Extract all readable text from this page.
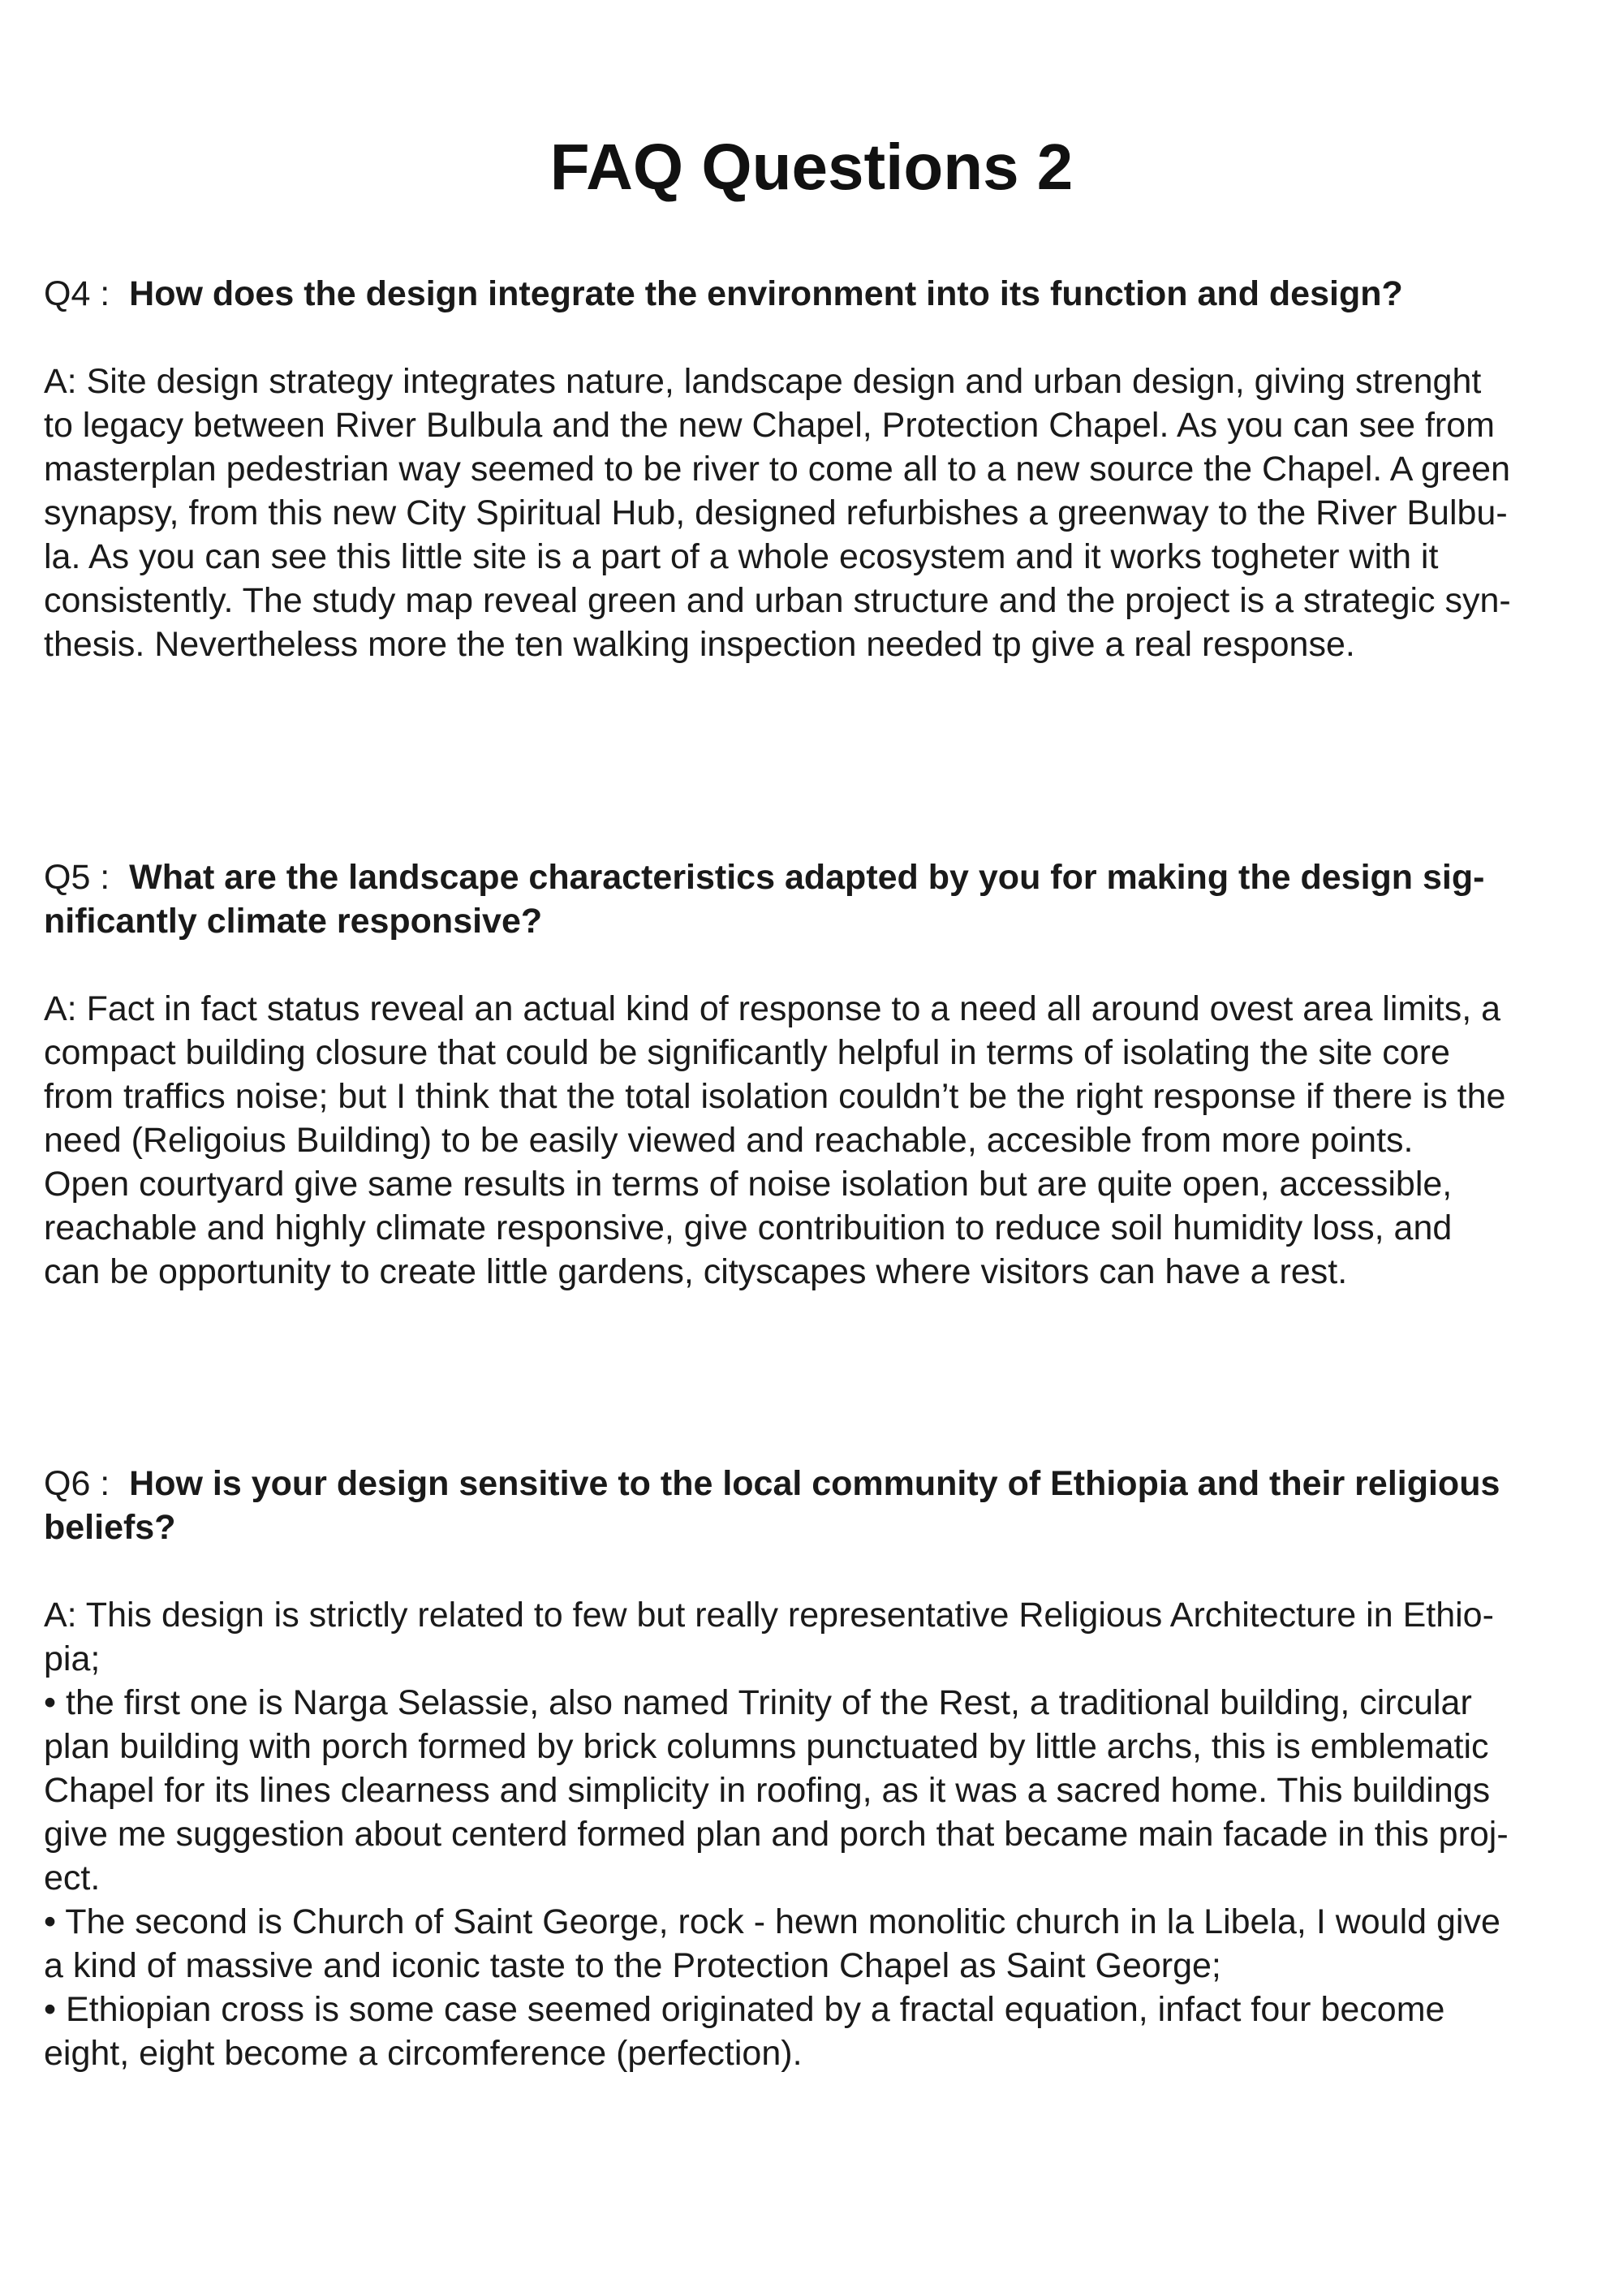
FAQ Questions 2

Q4 : How does the design integrate the environment into its function and design?

A: Site design strategy integrates nature, landscape design and urban design, giving strenght
to legacy between River Bulbula and the new Chapel, Protection Chapel. As you can see from
masterplan pedestrian way seemed to be river to come all to a new source the Chapel. A green
synapsy, from this new City Spiritual Hub, designed refurbishes a greenway to the River Bulbu-
la. As you can see this little site is a part of a whole ecosystem and it works togheter with it
consistently. The study map reveal green and urban structure and the project is a strategic syn-
thesis. Nevertheless more the ten walking inspection needed tp give a real response.

Q5 : What are the landscape characteristics adapted by you for making the design sig-
nificantly climate responsive?

A: Fact in fact status reveal an actual kind of response to a need all around ovest area limits, a
compact building closure that could be significantly helpful in terms of isolating the site core
from traffics noise; but I think that the total isolation couldn’t be the right response if there is the
need (Religoius Building) to be easily viewed and reachable, accesible from more points.
Open courtyard give same results in terms of noise isolation but are quite open, accessible,
reachable and highly climate responsive, give contribuition to reduce soil humidity loss, and
can be opportunity to create little gardens, cityscapes where visitors can have a rest.

Q6 : How is your design sensitive to the local community of Ethiopia and their religious
beliefs?

A: This design is strictly related to few but really representative Religious Architecture in Ethio-
pia;
• the first one is Narga Selassie, also named Trinity of the Rest, a traditional building, circular
plan building with porch formed by brick columns punctuated by little archs, this is emblematic
Chapel for its lines clearness and simplicity in roofing, as it was a sacred home. This buildings
give me suggestion about centerd formed plan and porch that became main facade in this proj-
ect.
• The second is Church of Saint George, rock - hewn monolitic church in la Libela, I would give
a kind of massive and iconic taste to the Protection Chapel as Saint George;
• Ethiopian cross is some case seemed originated by a fractal equation, infact four become
eight, eight become a circomference (perfection).
